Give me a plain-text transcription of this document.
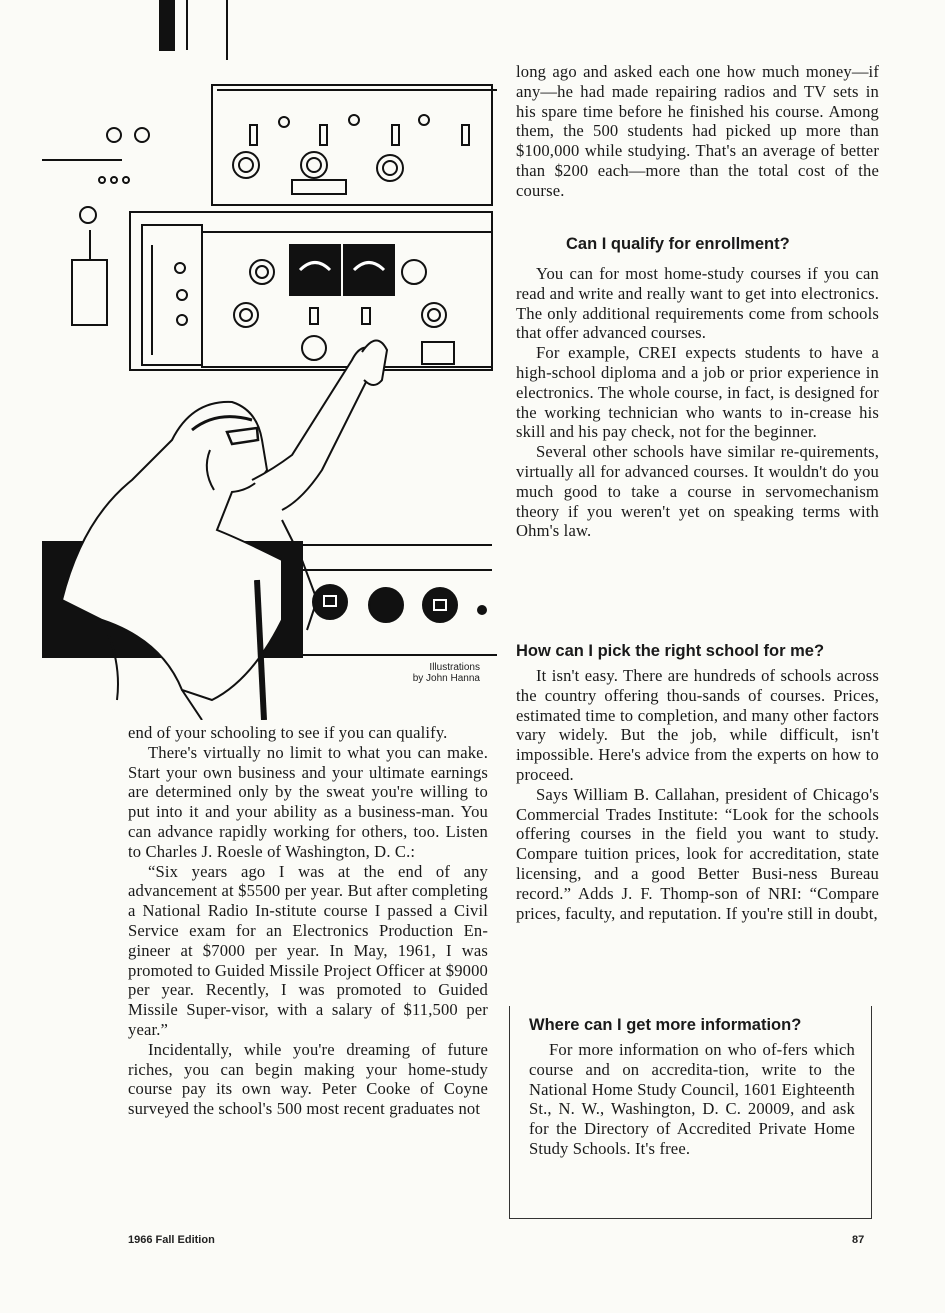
Illustrations
by John Hanna

end of your schooling to see if you can qualify.

There's virtually no limit to what you can make. Start your own business and your ultimate earnings are determined only by the sweat you're willing to put into it and your ability as a business-man. You can advance rapidly working for others, too. Listen to Charles J. Roesle of Washington, D. C.:

“Six years ago I was at the end of any advancement at $5500 per year. But after completing a National Radio In-stitute course I passed a Civil Service exam for an Electronics Production En-gineer at $7000 per year. In May, 1961, I was promoted to Guided Missile Project Officer at $9000 per year. Recently, I was promoted to Guided Missile Super-visor, with a salary of $11,500 per year.”

Incidentally, while you're dreaming of future riches, you can begin making your home-study course pay its own way. Peter Cooke of Coyne surveyed the school's 500 most recent graduates not

long ago and asked each one how much money—if any—he had made repairing radios and TV sets in his spare time before he finished his course. Among them, the 500 students had picked up more than $100,000 while studying. That's an average of better than $200 each—more than the total cost of the course.

Can I qualify for enrollment?

You can for most home-study courses if you can read and write and really want to get into electronics. The only additional requirements come from schools that offer advanced courses.

For example, CREI expects students to have a high-school diploma and a job or prior experience in electronics. The whole course, in fact, is designed for the working technician who wants to in-crease his skill and his pay check, not for the beginner.

Several other schools have similar re-quirements, virtually all for advanced courses. It wouldn't do you much good to take a course in servomechanism theory if you weren't yet on speaking terms with Ohm's law.

How can I pick the right school for me?

It isn't easy. There are hundreds of schools across the country offering thou-sands of courses. Prices, estimated time to completion, and many other factors vary widely. But the job, while difficult, isn't impossible. Here's advice from the experts on how to proceed.

Says William B. Callahan, president of Chicago's Commercial Trades Institute: “Look for the schools offering courses in the field you want to study. Compare tuition prices, look for accreditation, state licensing, and a good Better Busi-ness Bureau record.” Adds J. F. Thomp-son of NRI: “Compare prices, faculty, and reputation. If you're still in doubt,

Where can I get more information?

For more information on who of-fers which course and on accredita-tion, write to the National Home Study Council, 1601 Eighteenth St., N. W., Washington, D. C. 20009, and ask for the Directory of Accredited Private Home Study Schools. It's free.

1966 Fall Edition	87
